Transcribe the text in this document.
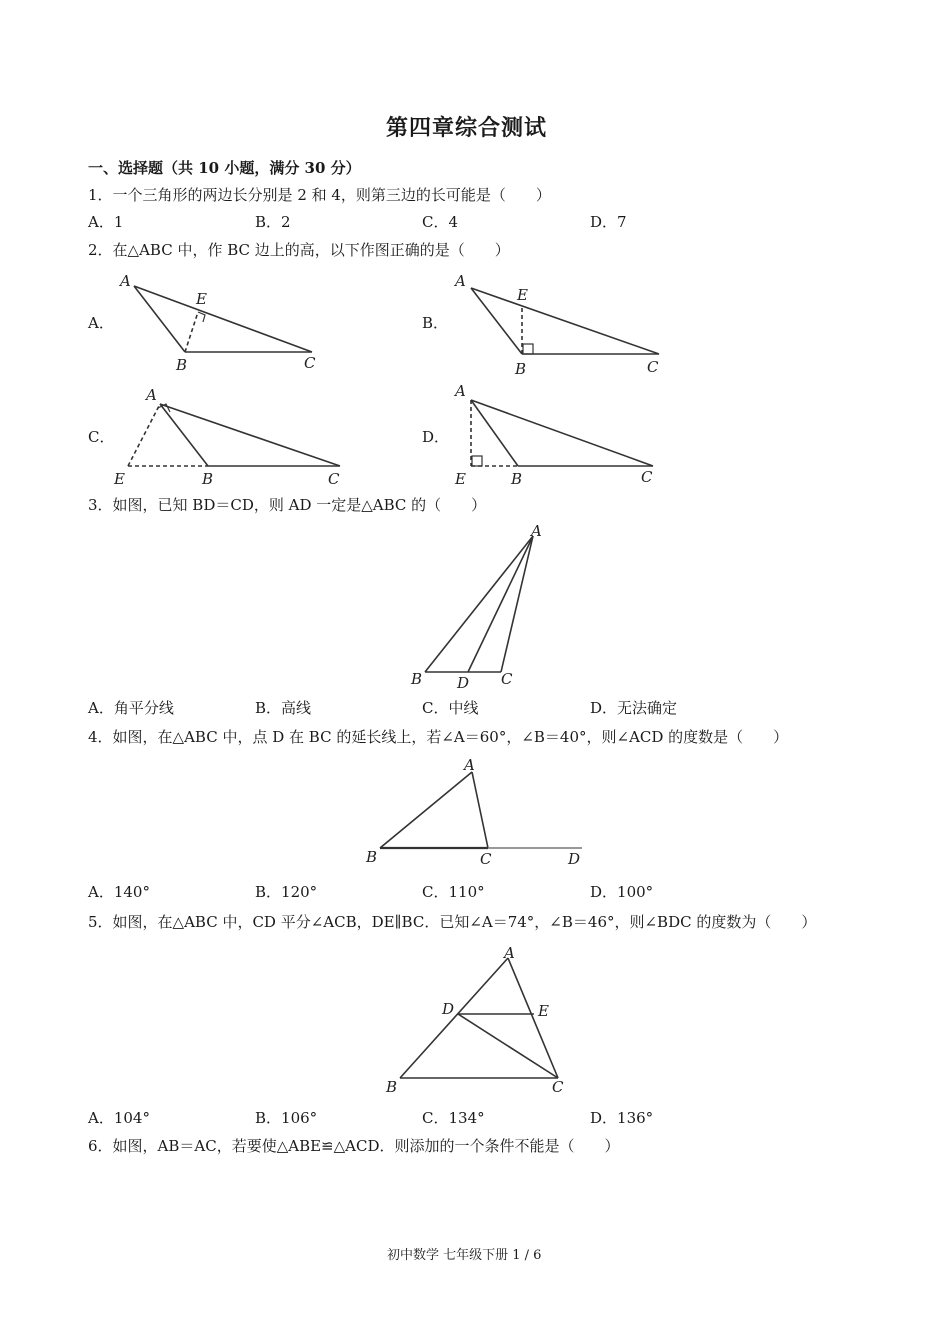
第四章综合测试
一、选择题（共 10 小题，满分 30 分）
1．一个三角形的两边长分别是 2 和 4，则第三边的长可能是（　　）
A．1	B．2	C．4	D．7
2．在△ABC 中，作 BC 边上的高，以下作图正确的是（　　）
A．	B．
C．	D．
A
E
B	C
A
E
B	C
A
E	B	C
A
E	B	C
3．如图，已知 BD＝CD，则 AD 一定是△ABC 的（　　）
A
B D C
A．角平分线	B．高线	C．中线	D．无法确定
4．如图，在△ABC 中，点 D 在 BC 的延长线上，若∠A＝60°，∠B＝40°，则∠ACD 的度数是（　　）
A
B	C	D
A．140°	B．120°	C．110°	D．100°
5．如图，在△ABC 中，CD 平分∠ACB，DE∥BC．已知∠A＝74°，∠B＝46°，则∠BDC 的度数为（　　）
A
D	E
B	C
A．104°	B．106°	C．134°	D．136°
6．如图，AB＝AC，若要使△ABE≌△ACD．则添加的一个条件不能是（　　）
初中数学 七年级下册 1 / 6
